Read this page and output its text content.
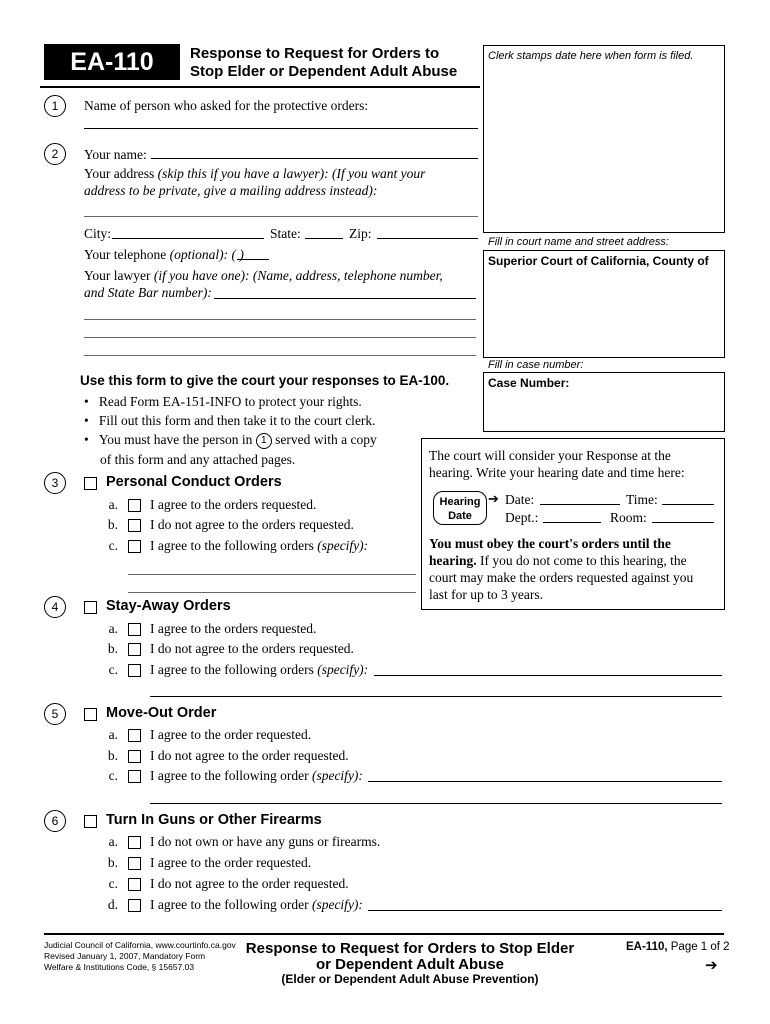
EA-110	Response to Request for Orders to
Stop Elder or Dependent Adult Abuse
Clerk stamps date here when form is filed.
Fill in court name and street address:
Superior Court of California, County of
Fill in case number:
Case Number:
1	Name of person who asked for the protective orders:
2	Your name:
Your address (skip this if you have a lawyer): (If you want your
address to be private, give a mailing address instead):
City:	State:	Zip:
Your telephone (optional): ( )
Your lawyer (if you have one): (Name, address, telephone number,
and State Bar number):
Use this form to give the court your responses to EA-100.
•   Read Form EA-151-INFO to protect your rights.
•   Fill out this form and then take it to the court clerk.
•   You must have the person in 1 served with a copy
of this form and any attached pages.	The court will consider your Response at the
hearing. Write your hearing date and time here:
Hearing
Date
➔ Date:	Time:
Dept.:	Room:
You must obey the court's orders until the
hearing. If you do not come to this hearing, the
court may make the orders requested against you
last for up to 3 years.
3	Personal Conduct Orders
a. I agree to the orders requested.
b. I do not agree to the orders requested.
c. I agree to the following orders (specify):
4	Stay-Away Orders
a. I agree to the orders requested.
b. I do not agree to the orders requested.
c. I agree to the following orders (specify):
5	Move-Out Order
a. I agree to the order requested.
b. I do not agree to the order requested.
c. I agree to the following order (specify):
6	Turn In Guns or Other Firearms
a. I do not own or have any guns or firearms.
b. I agree to the order requested.
c. I do not agree to the order requested.
d. I agree to the following order (specify):
Judicial Council of California, www.courtinfo.ca.gov
Revised January 1, 2007, Mandatory Form
Welfare & Institutions Code, § 15657.03
Response to Request for Orders to Stop Elder
or Dependent Adult Abuse
(Elder or Dependent Adult Abuse Prevention)
EA-110, Page 1 of 2
➔
